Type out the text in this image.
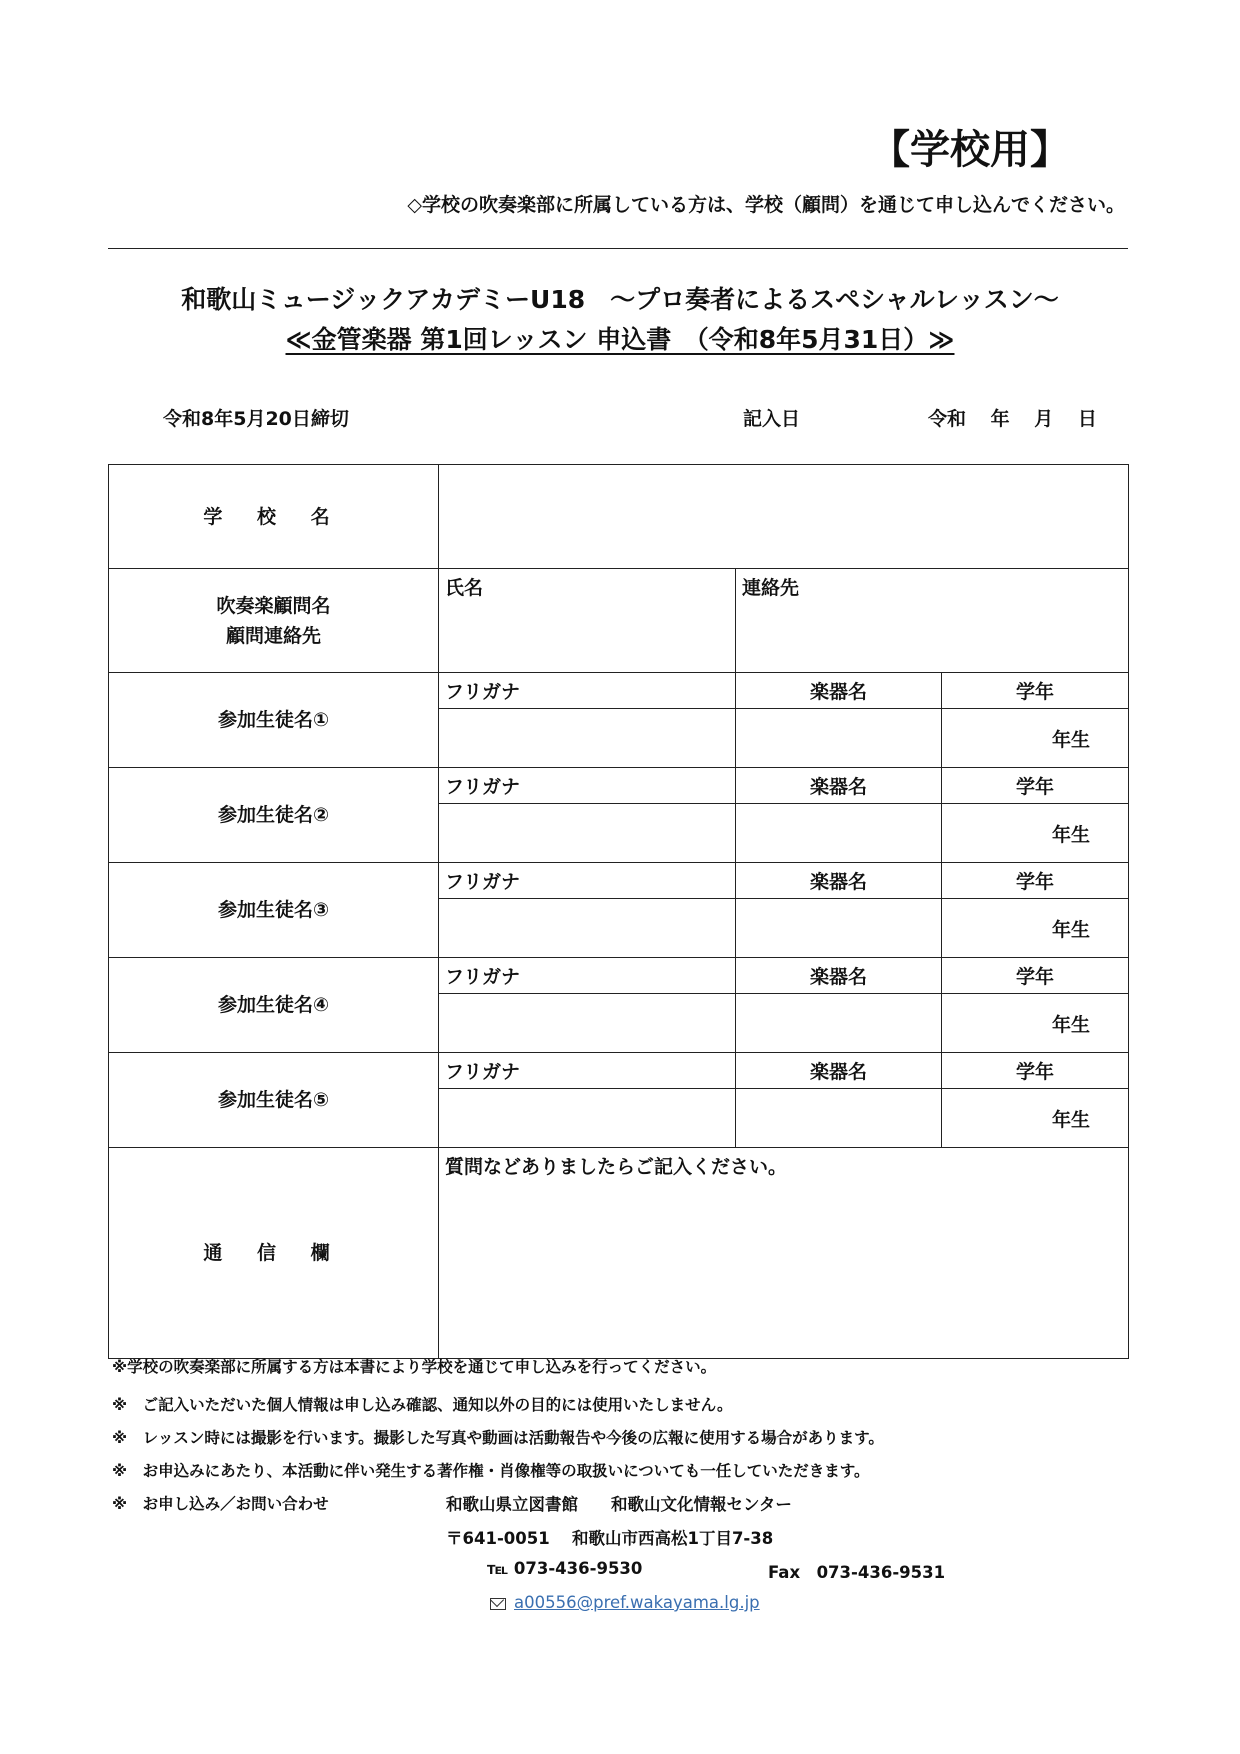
【学校用】
◇学校の吹奏楽部に所属している方は、学校（顧問）を通じて申し込んでください。
和歌山ミュージックアカデミーU18　～プロ奏者によるスペシャルレッスン～
≪金管楽器 第1回レッスン 申込書　（令和8年5月31日）≫
令和8年5月20日締切	記入日	令和 年 月 日
学 校 名			

吹奏楽顧問名
顧問連絡先	氏名	連絡先	

参加生徒名①	フリガナ	楽器名	学年

			年生

参加生徒名②	フリガナ	楽器名	学年

			年生

参加生徒名③	フリガナ	楽器名	学年

			年生

参加生徒名④	フリガナ	楽器名	学年

			年生

参加生徒名⑤	フリガナ	楽器名	学年

			年生

通 信 欄	質問などありましたらご記入ください。		
※学校の吹奏楽部に所属する方は本書により学校を通じて申し込みを行ってください。
※　ご記入いただいた個人情報は申し込み確認、通知以外の目的には使用いたしません。
※　レッスン時には撮影を行います。撮影した写真や動画は活動報告や今後の広報に使用する場合があります。
※　お申込みにあたり、本活動に伴い発生する著作権・肖像権等の取扱いについても一任していただきます。
※　お申し込み／お問い合わせ	和歌山県立図書館　　和歌山文化情報センター
〒641-0051　 和歌山市西高松1丁目7-38
℡ 073-436-9530	Fax　073-436-9531
a00556@pref.wakayama.lg.jp
